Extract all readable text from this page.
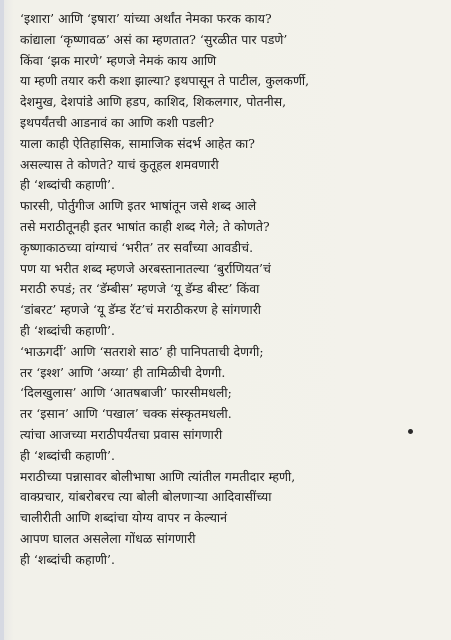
‘इशारा’ आणि ‘इषारा’ यांच्या अर्थांत नेमका फरक काय?
कांद्याला ‘कृष्णावळ’ असं का म्हणतात? ‘सुरळीत पार पडणे’
किंवा ‘झक मारणे’ म्हणजे नेमकं काय आणि
या म्हणी तयार करी कशा झाल्या? इथपासून ते पाटील, कुलकर्णी,
देशमुख, देशपांडे आणि हडप, काशिद, शिकलगार, पोतनीस,
इथपर्यंतची आडनावं का आणि कशी पडली?
याला काही ऐतिहासिक, सामाजिक संदर्भ आहेत का?
असल्यास ते कोणते? याचं कुतूहल शमवणारी
ही ‘शब्दांची कहाणी’.
फारसी, पोर्तुगीज आणि इतर भाषांतून जसे शब्द आले
तसे मराठीतूनही इतर भाषांत काही शब्द गेले; ते कोणते?
कृष्णाकाठच्या वांग्याचं ‘भरीत’ तर सर्वांच्या आवडीचं.
पण या भरीत शब्द म्हणजे अरबस्तानातल्या ‘बुर्राणियत’चं
मराठी रुपडं; तर ‘डॅम्बीस’ म्हणजे ‘यू डॅम्ड बीस्ट’ किंवा
‘डांबरट’ म्हणजे ‘यू डॅम्ड रॅट’चं मराठीकरण हे सांगणारी
ही ‘शब्दांची कहाणी’.
‘भाऊगर्दी’ आणि ‘सतराशे साठ’ ही पानिपताची देणगी;
तर ‘इश्श’ आणि ‘अय्या’ ही तामिळीची देणगी.
‘दिलखुलास’ आणि ‘आतषबाजी’ फारसीमधली;
तर ‘इसान’ आणि ‘पखाल’ चक्क संस्कृतमधली.
त्यांचा आजच्या मराठीपर्यंतचा प्रवास सांगणारी
ही ‘शब्दांची कहाणी’.
मराठीच्या पन्नासावर बोलीभाषा आणि त्यांतील गमतीदार म्हणी,
वाक्प्रचार, यांबरोबरच त्या बोली बोलणाऱ्या आदिवासींच्या
चालीरीती आणि शब्दांचा योग्य वापर न केल्यानं
आपण घालत असलेला गोंधळ सांगणारी
ही ‘शब्दांची कहाणी’.
